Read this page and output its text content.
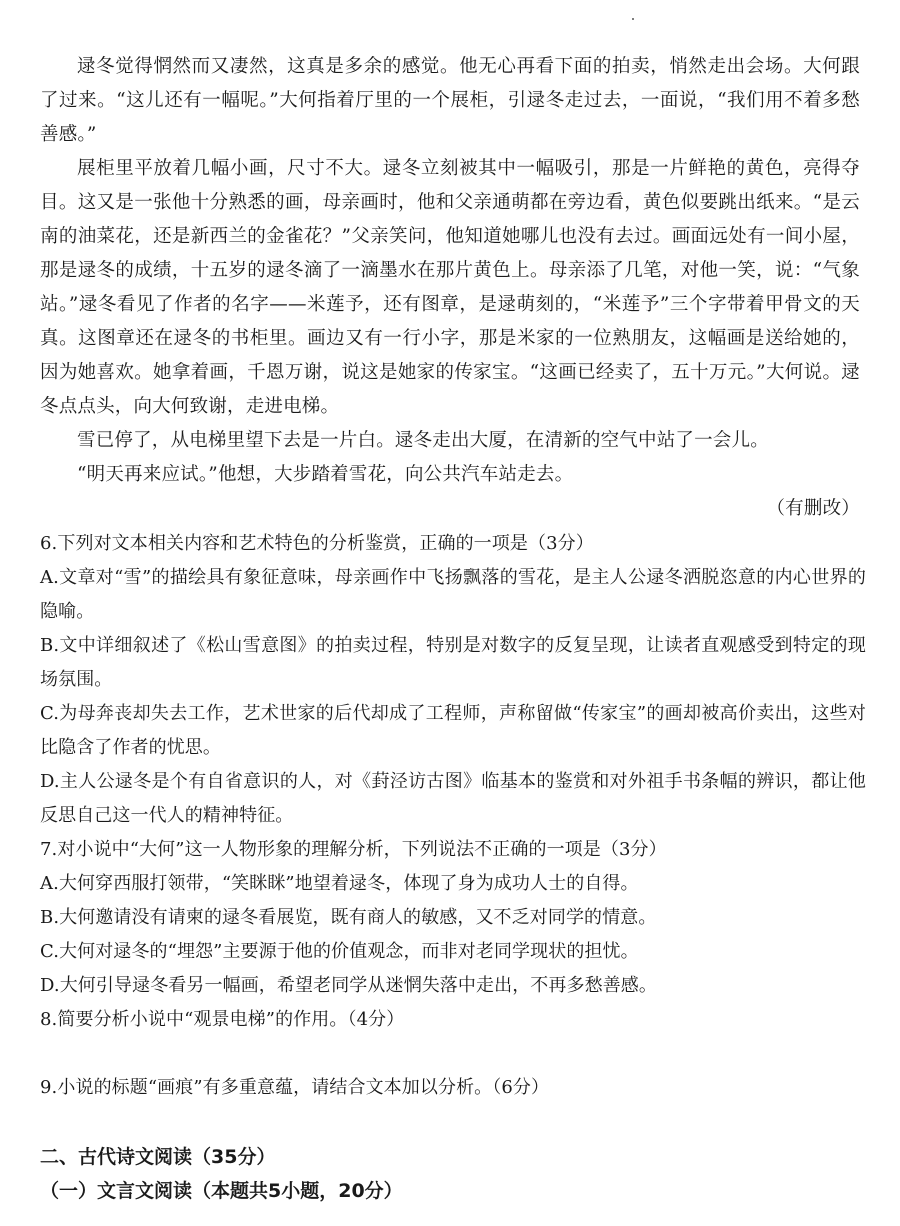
逯冬觉得惘然而又凄然，这真是多余的感觉。他无心再看下面的拍卖，悄然走出会场。大何跟了过来。“这儿还有一幅呢。”大何指着厅里的一个展柜，引逯冬走过去，一面说，“我们用不着多愁善感。”

展柜里平放着几幅小画，尺寸不大。逯冬立刻被其中一幅吸引，那是一片鲜艳的黄色，亮得夺目。这又是一张他十分熟悉的画，母亲画时，他和父亲通萌都在旁边看，黄色似要跳出纸来。“是云南的油菜花，还是新西兰的金雀花？”父亲笑问，他知道她哪儿也没有去过。画面远处有一间小屋，那是逯冬的成绩，十五岁的逯冬滴了一滴墨水在那片黄色上。母亲添了几笔，对他一笑，说：“气象站。”逯冬看见了作者的名字——米莲予，还有图章，是逯萌刻的，“米莲予”三个字带着甲骨文的天真。这图章还在逯冬的书柜里。画边又有一行小字，那是米家的一位熟朋友，这幅画是送给她的，因为她喜欢。她拿着画，千恩万谢，说这是她家的传家宝。“这画已经卖了，五十万元。”大何说。逯冬点点头，向大何致谢，走进电梯。

雪已停了，从电梯里望下去是一片白。逯冬走出大厦，在清新的空气中站了一会儿。

“明天再来应试。”他想，大步踏着雪花，向公共汽车站走去。

（有删改）

6.下列对文本相关内容和艺术特色的分析鉴赏，正确的一项是（3分）

A.文章对“雪”的描绘具有象征意味，母亲画作中飞扬飘落的雪花，是主人公逯冬洒脱恣意的内心世界的隐喻。

B.文中详细叙述了《松山雪意图》的拍卖过程，特别是对数字的反复呈现，让读者直观感受到特定的现场氛围。

C.为母奔丧却失去工作，艺术世家的后代却成了工程师，声称留做“传家宝”的画却被高价卖出，这些对比隐含了作者的忧思。

D.主人公逯冬是个有自省意识的人，对《葑泾访古图》临基本的鉴赏和对外祖手书条幅的辨识，都让他反思自己这一代人的精神特征。

7.对小说中“大何”这一人物形象的理解分析，下列说法不正确的一项是（3分）

A.大何穿西服打领带，“笑眯眯”地望着逯冬，体现了身为成功人士的自得。

B.大何邀请没有请柬的逯冬看展览，既有商人的敏感，又不乏对同学的情意。

C.大何对逯冬的“埋怨”主要源于他的价值观念，而非对老同学现状的担忧。

D.大何引导逯冬看另一幅画，希望老同学从迷惘失落中走出，不再多愁善感。

8.简要分析小说中“观景电梯”的作用。（4分）

9.小说的标题“画痕”有多重意蕴，请结合文本加以分析。（6分）

二、古代诗文阅读（35分）

（一）文言文阅读（本题共5小题，20分）
